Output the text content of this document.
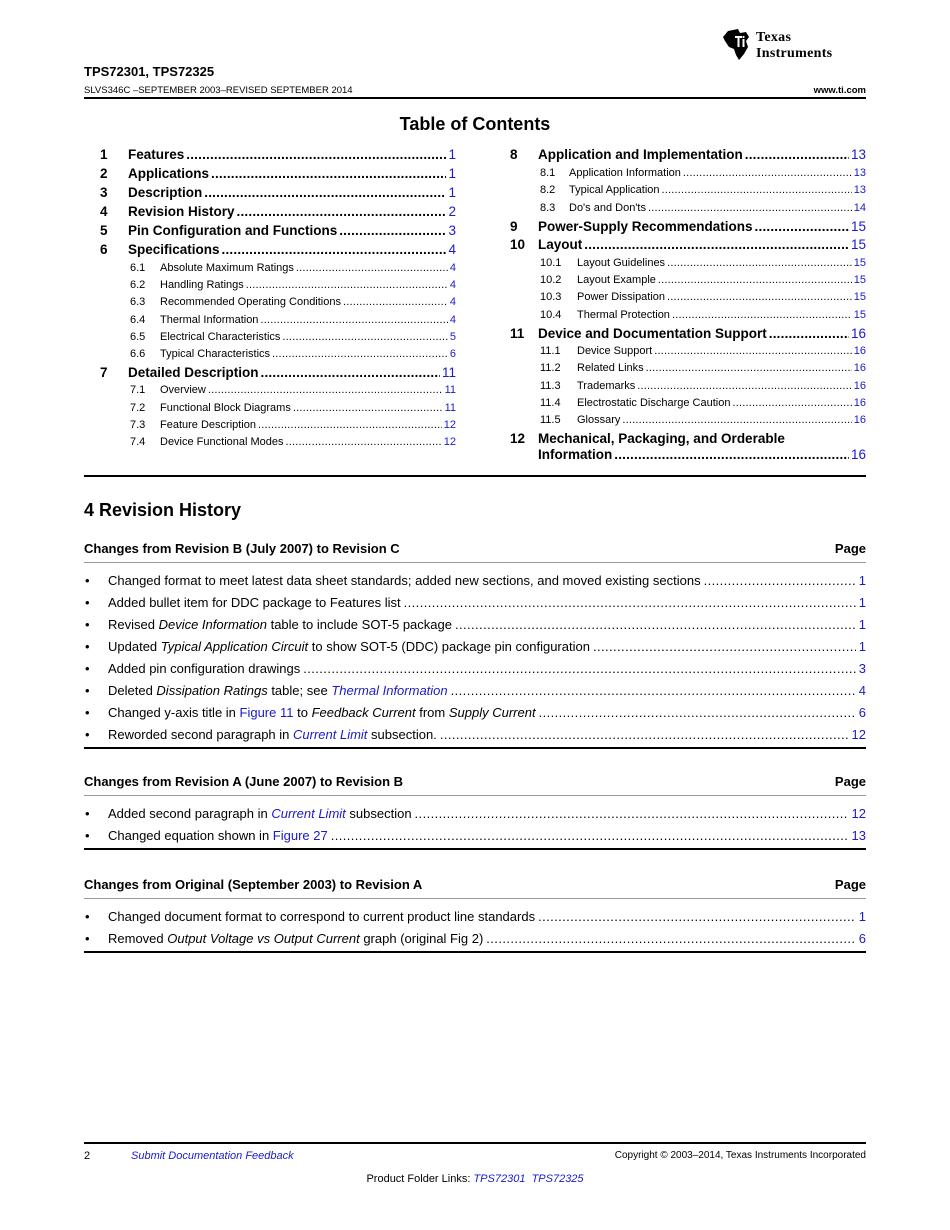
TPS72301, TPS72325
SLVS346C –SEPTEMBER 2003–REVISED SEPTEMBER 2014	www.ti.com
Texas
Instruments
Table of Contents
1	Features .....	1
2	Applications .....	1
3	Description .....	1
4	Revision History .....	2
5	Pin Configuration and Functions .....	3
6	Specifications .....	4
6.1	Absolute Maximum Ratings .....	4
6.2	Handling Ratings .....	4
6.3	Recommended Operating Conditions .....	4
6.4	Thermal Information .....	4
6.5	Electrical Characteristics .....	5
6.6	Typical Characteristics .....	6
7	Detailed Description .....	11
7.1	Overview .....	11
7.2	Functional Block Diagrams .....	11
7.3	Feature Description .....	12
7.4	Device Functional Modes .....	12
8	Application and Implementation .....	13
8.1	Application Information .....	13
8.2	Typical Application .....	13
8.3	Do's and Don'ts .....	14
9	Power-Supply Recommendations .....	15
10 Layout .....	15
10.1	Layout Guidelines .....	15
10.2	Layout Example .....	15
10.3	Power Dissipation .....	15
10.4	Thermal Protection .....	15
11	Device and Documentation Support .....	16
11.1	Device Support .....	16
11.2	Related Links .....	16
11.3	Trademarks .....	16
11.4	Electrostatic Discharge Caution .....	16
11.5	Glossary .....	16
12 Mechanical, Packaging, and Orderable
Information .....	16
4 Revision History
Changes from Revision B (July 2007) to Revision C	Page
•	Changed format to meet latest data sheet standards; added new sections, and moved existing sections .....	1
•	Added bullet item for DDC package to Features list .....	1
•	Revised Device Information table to include SOT-5 package .....	1
•	Updated Typical Application Circuit to show SOT-5 (DDC) package pin configuration .....	1
•	Added pin configuration drawings .....	3
•	Deleted Dissipation Ratings table; see Thermal Information .....	4
•	Changed y-axis title in Figure 11 to Feedback Current from Supply Current .....	6
•	Reworded second paragraph in Current Limit subsection. .....	12
Changes from Revision A (June 2007) to Revision B	Page
•	Added second paragraph in Current Limit subsection .....	12
•	Changed equation shown in Figure 27 .....	13
Changes from Original (September 2003) to Revision A	Page
•	Changed document format to correspond to current product line standards .....	1
•	Removed Output Voltage vs Output Current graph (original Fig 2) .....	6
2	Submit Documentation Feedback	Copyright © 2003–2014, Texas Instruments Incorporated
Product Folder Links: TPS72301 TPS72325
